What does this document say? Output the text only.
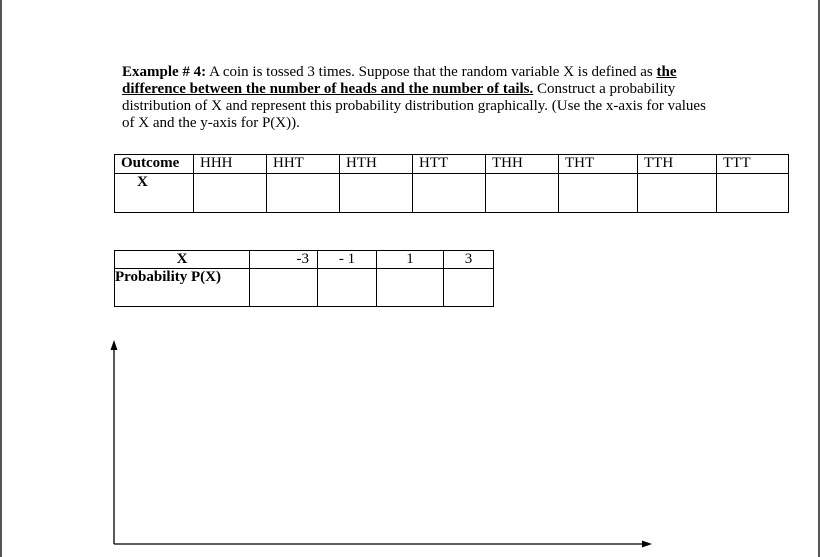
Example # 4: A coin is tossed 3 times. Suppose that the random variable X is defined as the difference between the number of heads and the number of tails. Construct a probability distribution of X and represent this probability distribution graphically. (Use the x-axis for values of X and the y-axis for P(X)).
Outcome	HHH	HHT	HTH	HTT	THH	THT	TTH	TTT
X								
X	-3	- 1	1	3
Probability P(X)				
